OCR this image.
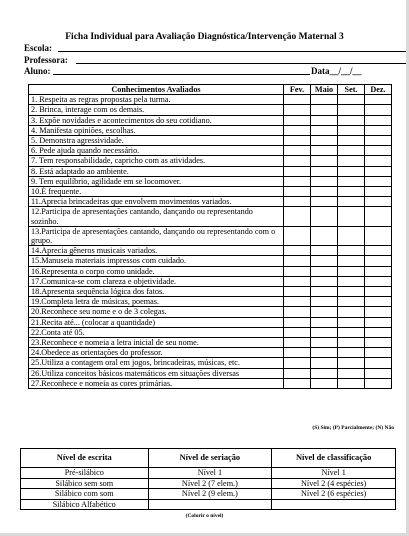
Ficha Individual para Avaliação Diagnóstica/Intervenção Maternal 3
Escola:
Professora:
Aluno:	Data__/__/__
Conhecimentos Avaliados	Fev.	Maio	Set.	Dez.
1. Respeita as regras propostas pela turma.				
2. Brinca, interage com os demais.				
3. Expõe novidades e acontecimentos do seu cotidiano.				
4. Manifesta opiniões, escolhas.				
5. Demonstra agressividade.				
6. Pede ajuda quando necessário.				
7. Tem responsabilidade, capricho com as atividades.				
8. Está adaptado ao ambiente.				
9. Tem equilíbrio, agilidade em se locomover.				
10.É frequente.				
11.Aprecia brincadeiras que envolvem movimentos variados.				
12.Participa de apresentações cantando, dançando ou representando sozinho.				
13.Participa de apresentações cantando, dançando ou representando com o grupo.				
14.Aprecia gêneros musicais variados.				
15.Manuseia materiais impressos com cuidado.				
16.Representa o corpo como unidade.				
17.Comunica-se com clareza e objetividade.				
18.Apresenta sequência lógica dos fatos.				
19.Completa letra de músicas, poemas.				
20.Reconhece seu nome e o de 3 colegas.				
21.Recita até... (colocar a quantidade)				
22.Conta até 05.				
23.Reconhece e nomeia a letra inicial de seu nome.				
24.Obedece as orientações do professor.				
25.Utiliza a contagem oral em jogos, brincadeiras, músicas, etc.				
26.Utiliza conceitos básicos matemáticos em situações diversas				
27.Reconhece e nomeia as cores primárias.				
(S) Sim; (P) Parcialmente; (N) Não
Nível de escrita	Nível de seriação	Nível de classificação
Pré-silábico	Nível 1	Nível 1
Silábico sem som	Nível 2 (7 elem.)	Nível 2 (4 espécies)
Silábico com som	Nível 2 (9 elem.)	Nível 2 (6 espécies)
Silábico Alfabético		
(Colorir o nível)
